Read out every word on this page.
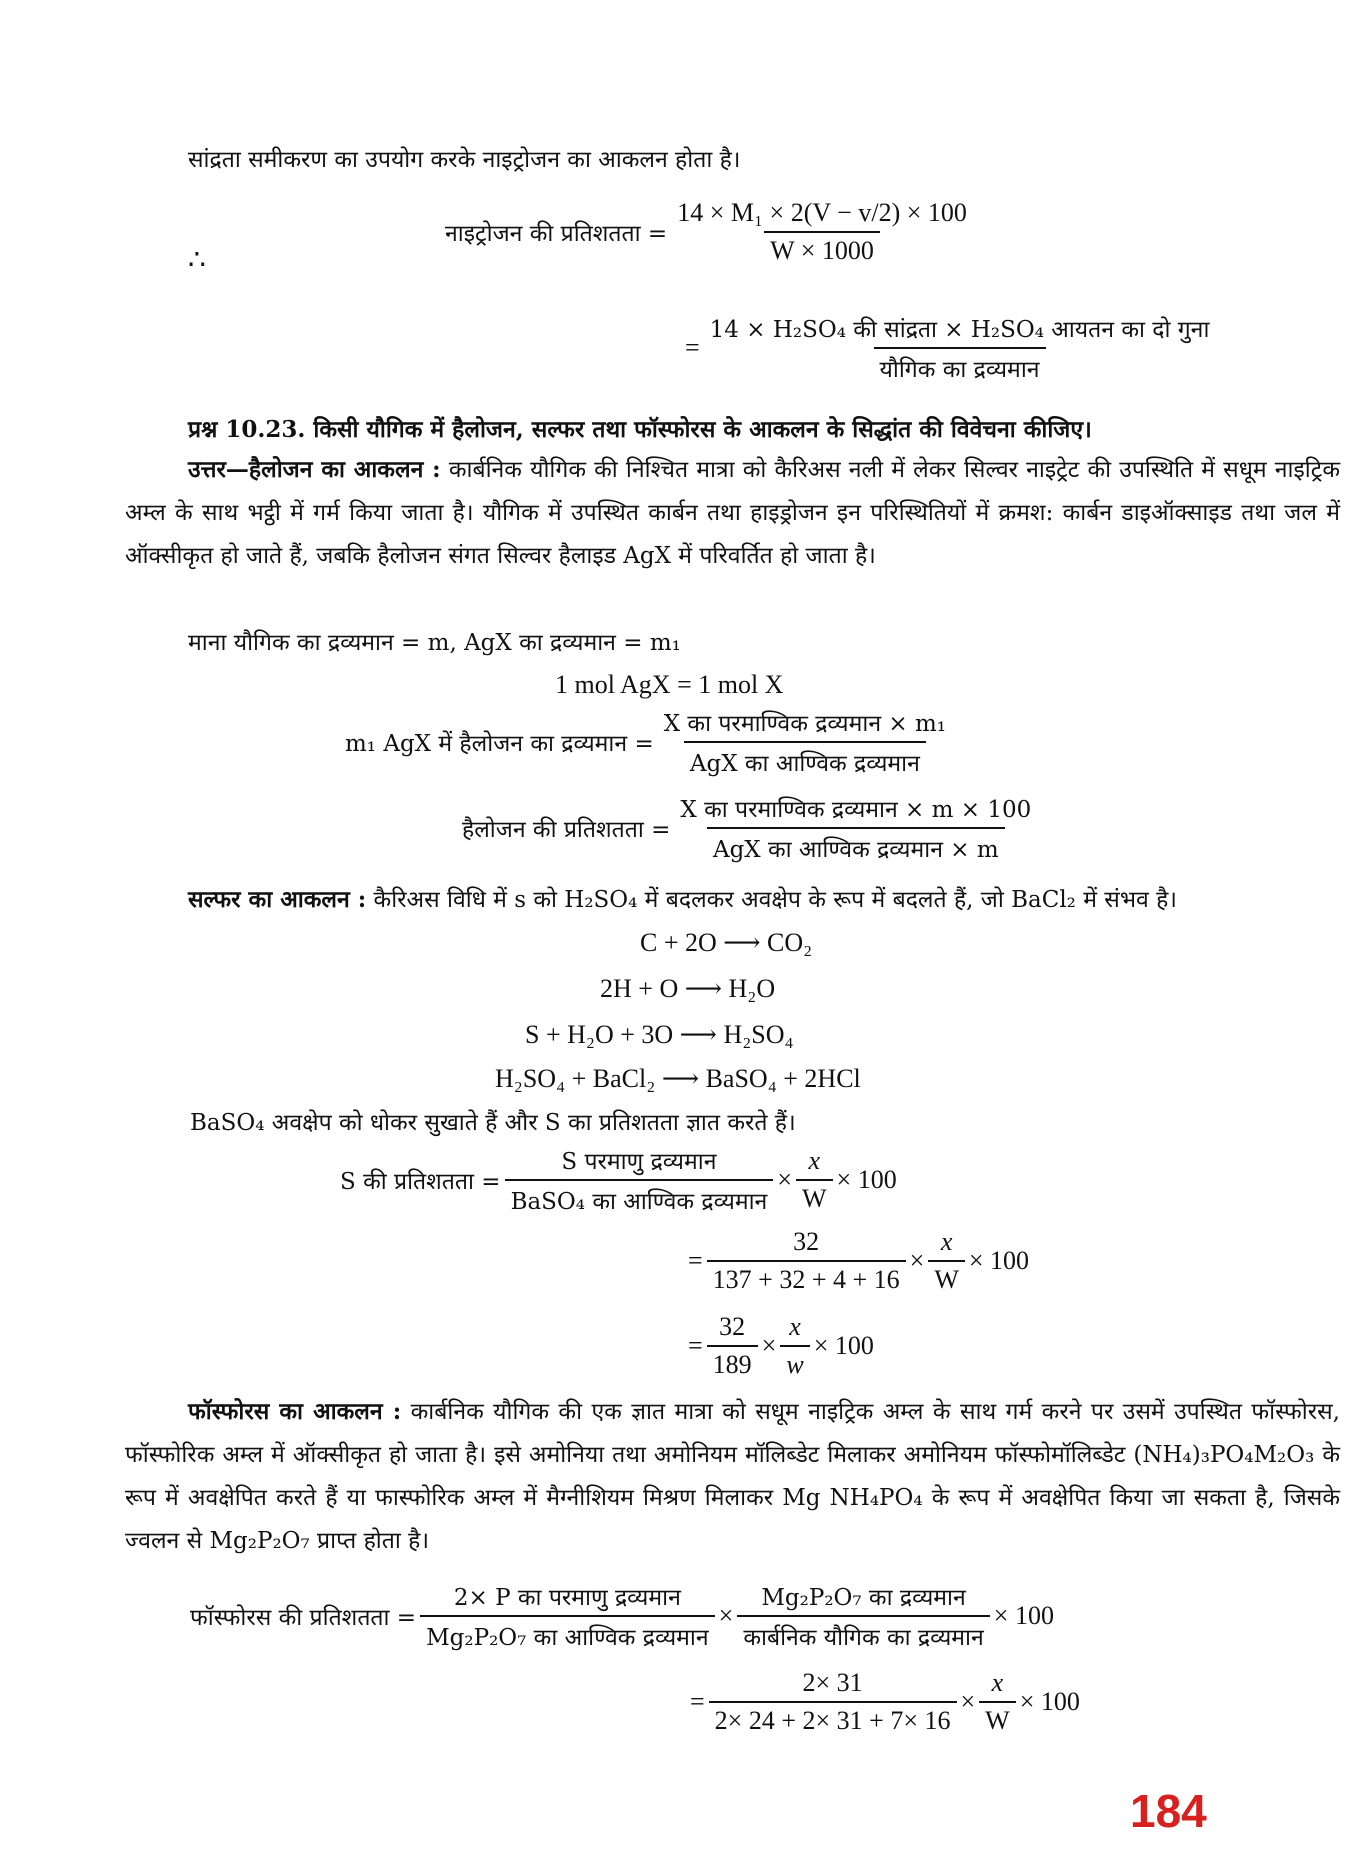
सांद्रता समीकरण का उपयोग करके नाइट्रोजन का आकलन होता है।
∴
नाइट्रोजन की प्रतिशतता = $\frac{\text{14 × M₁ × 2(V − v/2) × 100}}{W \times 1000}$
= $\frac{\text{14 × H₂SO₄ की सांद्रता × H₂SO₄ आयतन का दो गुना}}{\text{यौगिक का द्रव्यमान}}$
प्रश्न 10.23. किसी यौगिक में हैलोजन, सल्फर तथा फॉस्फोरस के आकलन के सिद्धांत की विवेचना कीजिए।
उत्तर—हैलोजन का आकलन : कार्बनिक यौगिक की निश्चित मात्रा को कैरिअस नली में लेकर सिल्वर नाइट्रेट की उपस्थिति में सधूम नाइट्रिक अम्ल के साथ भट्ठी में गर्म किया जाता है। यौगिक में उपस्थित कार्बन तथा हाइड्रोजन इन परिस्थितियों में क्रमश: कार्बन डाइऑक्साइड तथा जल में ऑक्सीकृत हो जाते हैं, जबकि हैलोजन संगत सिल्वर हैलाइड AgX में परिवर्तित हो जाता है।
माना यौगिक का द्रव्यमान = m, AgX का द्रव्यमान = m₁
1 mol AgX = 1 mol X
m₁ AgX में हैलोजन का द्रव्यमान = $\frac{\text{X का परमाण्विक द्रव्यमान × m₁}}{\text{AgX का आण्विक द्रव्यमान}}$
हैलोजन की प्रतिशतता = $\frac{\text{X का परमाण्विक द्रव्यमान × m × 100}}{\text{AgX का आण्विक द्रव्यमान × m}}$
सल्फर का आकलन : कैरिअस विधि में s को H₂SO₄ में बदलकर अवक्षेप के रूप में बदलते हैं, जो BaCl₂ में संभव है।
C + 2O ⟶ CO₂
2H + O ⟶ H₂O
S + H₂O + 3O ⟶ H₂SO₄
H₂SO₄ + BaCl₂ ⟶ BaSO₄ + 2HCl
BaSO₄ अवक्षेप को धोकर सुखाते हैं और S का प्रतिशतता ज्ञात करते हैं।
S की प्रतिशतता = $\frac{\text{S परमाणु द्रव्यमान}}{\text{BaSO₄ का आण्विक द्रव्यमान}} \times \frac{x}{W} \times 100$
= $\frac{32}{137 + 32 + 4 + 16} \times \frac{x}{W} \times 100$
= $\frac{32}{189} \times \frac{x}{w} \times 100$
फॉस्फोरस का आकलन : कार्बनिक यौगिक की एक ज्ञात मात्रा को सधूम नाइट्रिक अम्ल के साथ गर्म करने पर उसमें उपस्थित फॉस्फोरस, फॉस्फोरिक अम्ल में ऑक्सीकृत हो जाता है। इसे अमोनिया तथा अमोनियम मॉलिब्डेट मिलाकर अमोनियम फॉस्फोमॉलिब्डेट (NH₄)₃PO₄M₂O₃ के रूप में अवक्षेपित करते हैं या फास्फोरिक अम्ल में मैग्नीशियम मिश्रण मिलाकर Mg NH₄PO₄ के रूप में अवक्षेपित किया जा सकता है, जिसके ज्वलन से Mg₂P₂O₇ प्राप्त होता है।
फॉस्फोरस की प्रतिशतता = $\frac{\text{2× P का परमाणु द्रव्यमान}}{\text{Mg₂P₂O₇ का आण्विक द्रव्यमान}} \times \frac{\text{Mg₂P₂O₇ का द्रव्यमान}}{\text{कार्बनिक यौगिक का द्रव्यमान}} \times 100$
= $\frac{2\times 31}{2\times 24 + 2\times 31 + 7\times 16} \times \frac{x}{W} \times 100$
184
